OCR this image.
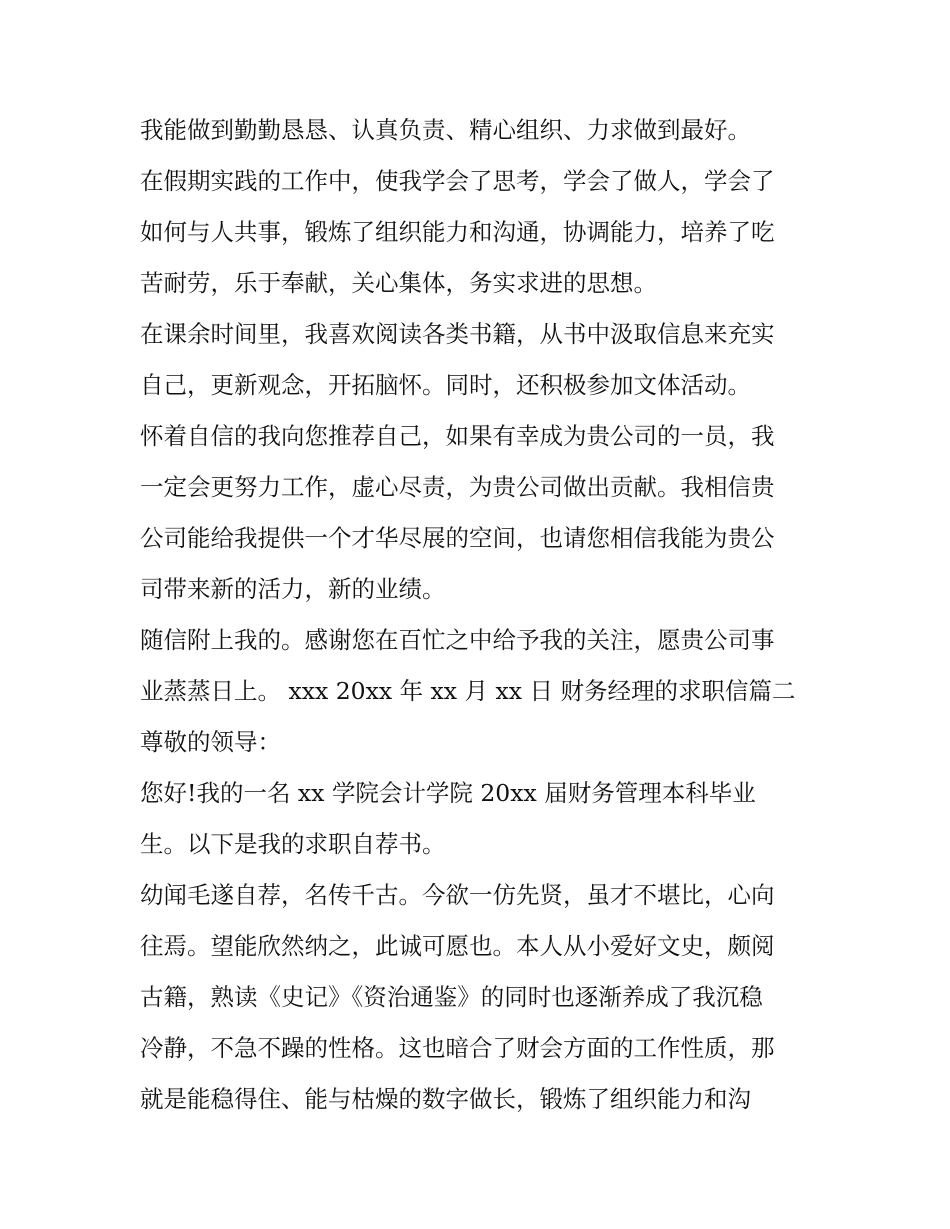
我能做到勤勤恳恳、认真负责、精心组织、力求做到最好。
在假期实践的工作中，使我学会了思考，学会了做人，学会了
如何与人共事，锻炼了组织能力和沟通，协调能力，培养了吃
苦耐劳，乐于奉献，关心集体，务实求进的思想。
在课余时间里，我喜欢阅读各类书籍，从书中汲取信息来充实
自己，更新观念，开拓脑怀。同时，还积极参加文体活动。
怀着自信的我向您推荐自己，如果有幸成为贵公司的一员，我
一定会更努力工作，虚心尽责，为贵公司做出贡献。我相信贵
公司能给我提供一个才华尽展的空间，也请您相信我能为贵公
司带来新的活力，新的业绩。
随信附上我的。感谢您在百忙之中给予我的关注，愿贵公司事
业蒸蒸日上。 xxx 20xx 年 xx 月 xx 日 财务经理的求职信篇二
尊敬的领导：
您好!我的一名 xx 学院会计学院 20xx 届财务管理本科毕业
生。以下是我的求职自荐书。
幼闻毛遂自荐，名传千古。今欲一仿先贤，虽才不堪比，心向
往焉。望能欣然纳之，此诚可愿也。本人从小爱好文史，颇阅
古籍，熟读《史记》《资治通鉴》的同时也逐渐养成了我沉稳
冷静，不急不躁的性格。这也暗合了财会方面的工作性质，那
就是能稳得住、能与枯燥的数字做长，锻炼了组织能力和沟
